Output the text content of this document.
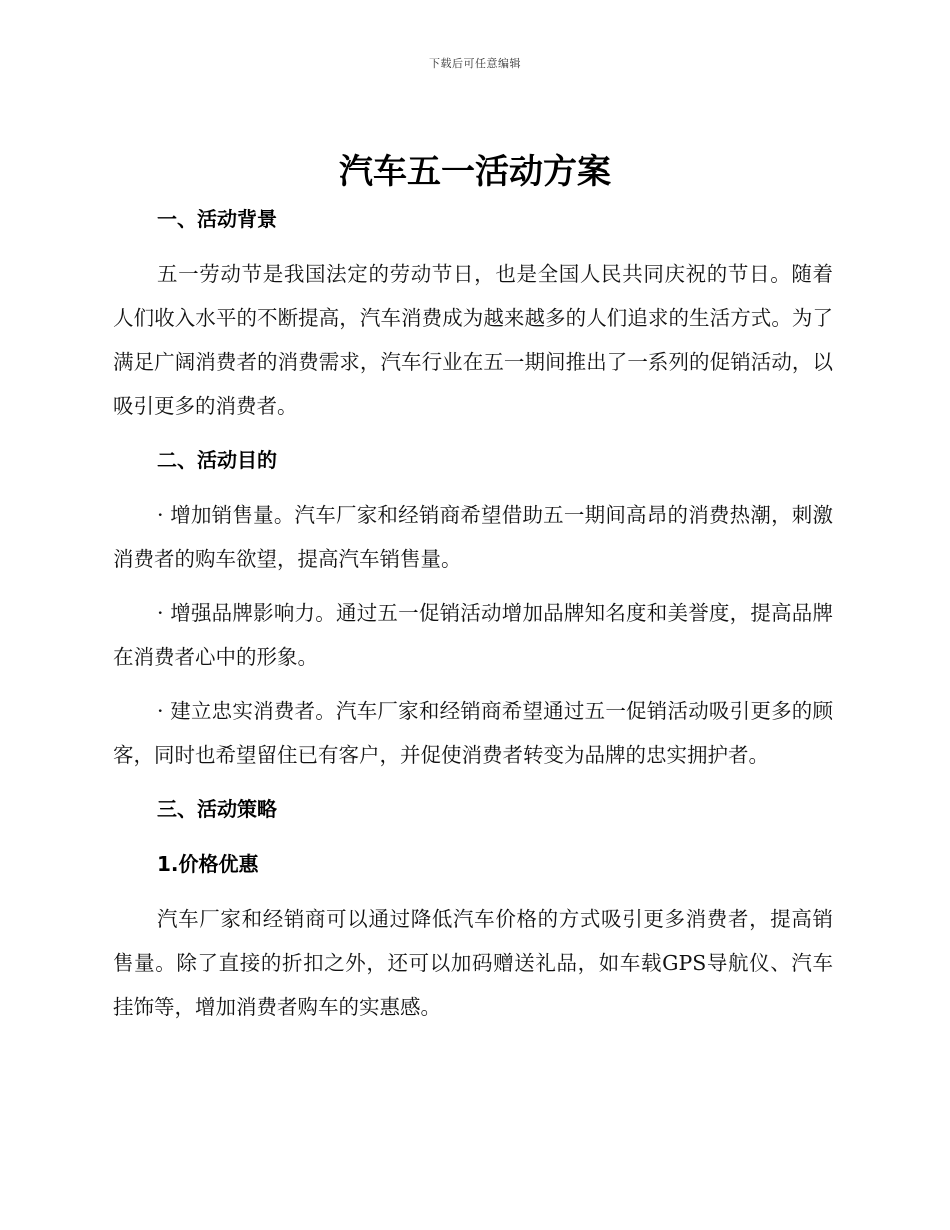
下载后可任意编辑
汽车五一活动方案
一、活动背景

五一劳动节是我国法定的劳动节日，也是全国人民共同庆祝的节日。随着人们收入水平的不断提高，汽车消费成为越来越多的人们追求的生活方式。为了满足广阔消费者的消费需求，汽车行业在五一期间推出了一系列的促销活动，以吸引更多的消费者。

二、活动目的

· 增加销售量。汽车厂家和经销商希望借助五一期间高昂的消费热潮，刺激消费者的购车欲望，提高汽车销售量。

· 增强品牌影响力。通过五一促销活动增加品牌知名度和美誉度，提高品牌在消费者心中的形象。

· 建立忠实消费者。汽车厂家和经销商希望通过五一促销活动吸引更多的顾客，同时也希望留住已有客户，并促使消费者转变为品牌的忠实拥护者。

三、活动策略
1.价格优惠

汽车厂家和经销商可以通过降低汽车价格的方式吸引更多消费者，提高销售量。除了直接的折扣之外，还可以加码赠送礼品，如车载GPS导航仪、汽车挂饰等，增加消费者购车的实惠感。
